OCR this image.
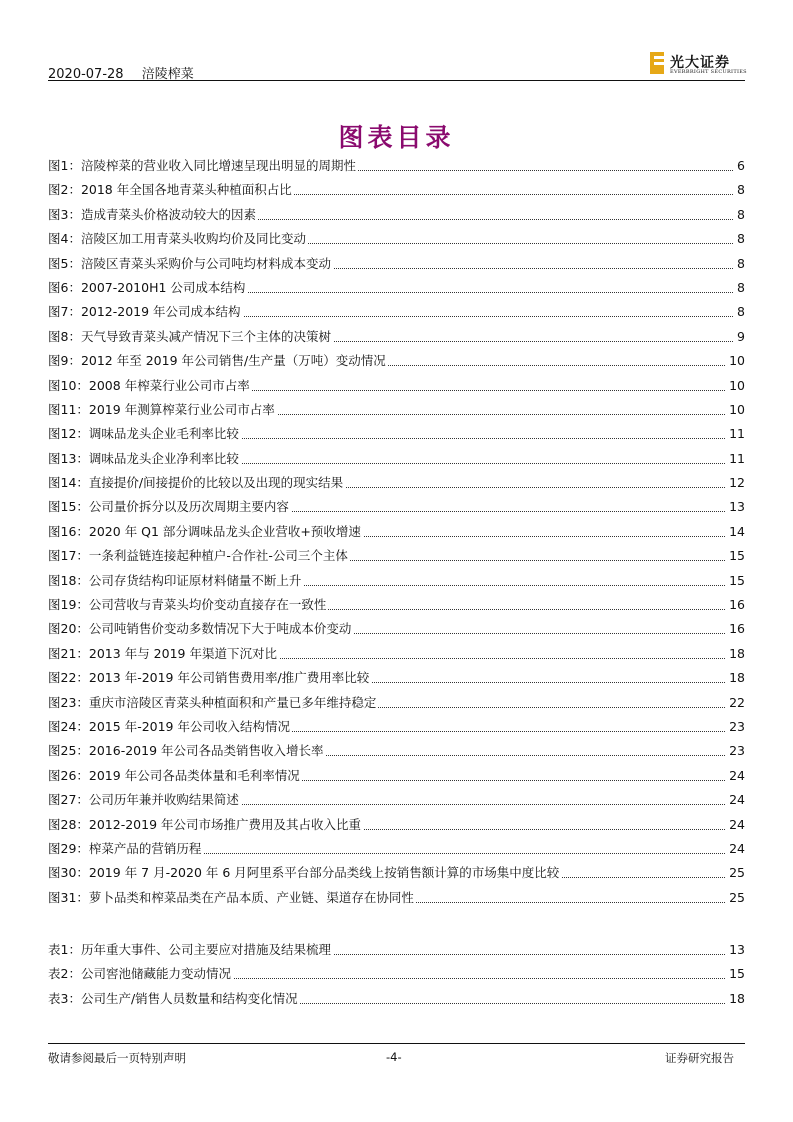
2020-07-28 涪陵榨菜
光大证券
EVERBRIGHT SECURITIES
图表目录
图1：涪陵榨菜的营业收入同比增速呈现出明显的周期性	6
图2：2018 年全国各地青菜头种植面积占比	8
图3：造成青菜头价格波动较大的因素	8
图4：涪陵区加工用青菜头收购均价及同比变动	8
图5：涪陵区青菜头采购价与公司吨均材料成本变动	8
图6：2007-2010H1 公司成本结构	8
图7：2012-2019 年公司成本结构	8
图8：天气导致青菜头减产情况下三个主体的决策树	9
图9：2012 年至 2019 年公司销售/生产量（万吨）变动情况	10
图10：2008 年榨菜行业公司市占率	10
图11：2019 年测算榨菜行业公司市占率	10
图12：调味品龙头企业毛利率比较	11
图13：调味品龙头企业净利率比较	11
图14：直接提价/间接提价的比较以及出现的现实结果	12
图15：公司量价拆分以及历次周期主要内容	13
图16：2020 年 Q1 部分调味品龙头企业营收+预收增速	14
图17：一条利益链连接起种植户-合作社-公司三个主体	15
图18：公司存货结构印证原材料储量不断上升	15
图19：公司营收与青菜头均价变动直接存在一致性	16
图20：公司吨销售价变动多数情况下大于吨成本价变动	16
图21：2013 年与 2019 年渠道下沉对比	18
图22：2013 年-2019 年公司销售费用率/推广费用率比较	18
图23：重庆市涪陵区青菜头种植面积和产量已多年维持稳定	22
图24：2015 年-2019 年公司收入结构情况	23
图25：2016-2019 年公司各品类销售收入增长率	23
图26：2019 年公司各品类体量和毛利率情况	24
图27：公司历年兼并收购结果简述	24
图28：2012-2019 年公司市场推广费用及其占收入比重	24
图29：榨菜产品的营销历程	24
图30：2019 年 7 月-2020 年 6 月阿里系平台部分品类线上按销售额计算的市场集中度比较	25
图31：萝卜品类和榨菜品类在产品本质、产业链、渠道存在协同性	25
表1：历年重大事件、公司主要应对措施及结果梳理	13
表2：公司窖池储藏能力变动情况	15
表3：公司生产/销售人员数量和结构变化情况	18
敬请参阅最后一页特别声明	-4-	证券研究报告
